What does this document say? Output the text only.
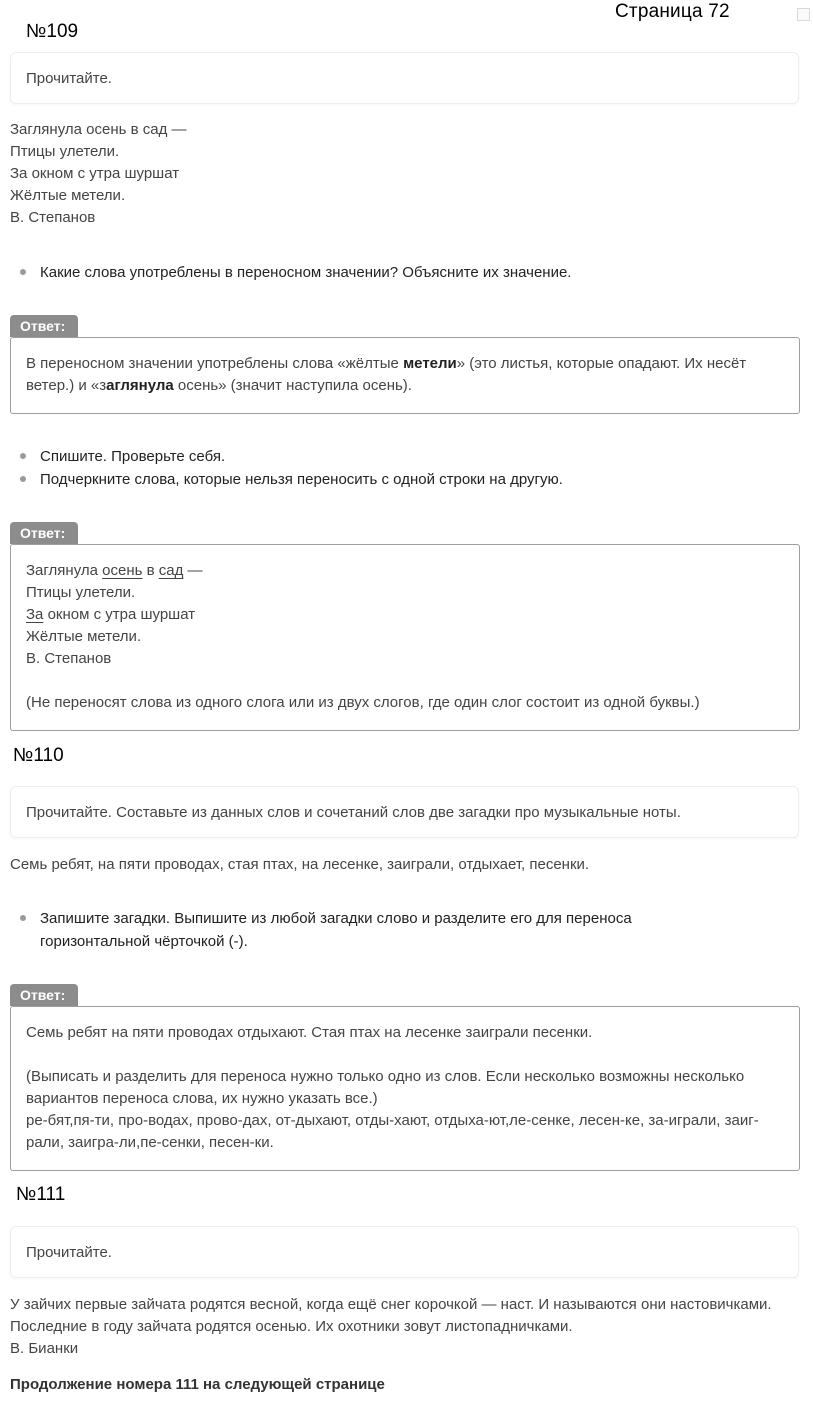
Страница 72
№109
Прочитайте.
Заглянула осень в сад —
Птицы улетели.
За окном с утра шуршат
Жёлтые метели.
В. Степанов
Какие слова употреблены в переносном значении? Объясните их значение.
Ответ:

В переносном значении употреблены слова «жёлтые метели» (это листья, которые опадают. Их несёт ветер.) и «заглянула осень» (значит наступила осень).

Спишите. Проверьте себя.
Подчеркните слова, которые нельзя переносить с одной строки на другую.
Ответ:

Заглянула осень в сад —

Птицы улетели.

За окном с утра шуршат

Жёлтые метели.

В. Степанов

(Не переносят слова из одного слога или из двух слогов, где один слог состоит из одной буквы.)

№110
Прочитайте. Составьте из данных слов и сочетаний слов две загадки про музыкальные ноты.

Семь ребят, на пяти проводах, стая птах, на лесенке, заиграли, отдыхает, песенки.

Запишите загадки. Выпишите из любой загадки слово и разделите его для переноса горизонтальной чёрточкой (-).
Ответ:

Семь ребят на пяти проводах отдыхают. Стая птах на лесенке заиграли песенки.

(Выписать и разделить для переноса нужно только одно из слов. Если несколько возможны несколько вариантов переноса слова, их нужно указать все.)

ре-бят,пя-ти, про-водах, прово-дах, от-дыхают, отды-хают, отдыха-ют,ле-сенке, лесен-ке, за-играли, заиг-рали, заигра-ли,пе-сенки, песен-ки.

№111
Прочитайте.
У зайчих первые зайчата родятся весной, когда ещё снег корочкой — наст. И называются они настовичками. Последние в году зайчата родятся осенью. Их охотники зовут листопадничками.
В. Бианки
Продолжение номера 111 на следующей странице
